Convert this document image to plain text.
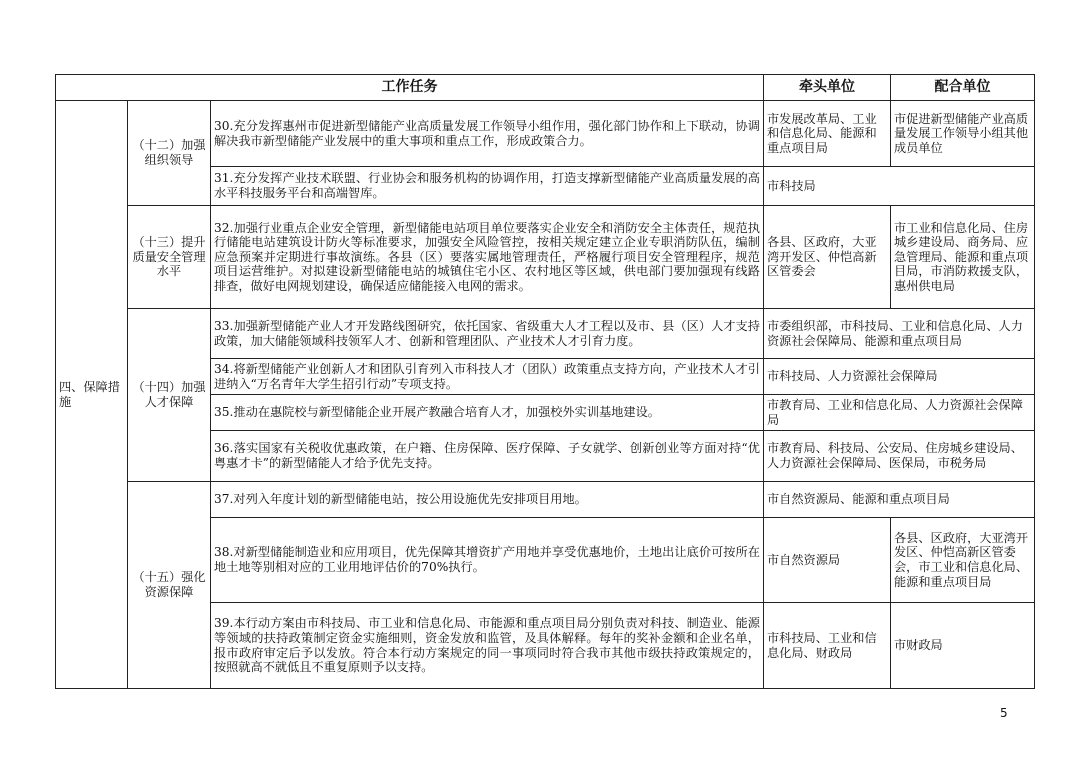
工作任务			牵头单位	配合单位
四、保障措施	（十二）加强组织领导	30.充分发挥惠州市促进新型储能产业高质量发展工作领导小组作用，强化部门协作和上下联动，协调解决我市新型储能产业发展中的重大事项和重点工作，形成政策合力。	市发展改革局、工业和信息化局、能源和重点项目局	市促进新型储能产业高质量发展工作领导小组其他成员单位
		31.充分发挥产业技术联盟、行业协会和服务机构的协调作用，打造支撑新型储能产业高质量发展的高水平科技服务平台和高端智库。	市科技局	
	（十三）提升质量安全管理水平	32.加强行业重点企业安全管理，新型储能电站项目单位要落实企业安全和消防安全主体责任，规范执行储能电站建筑设计防火等标准要求，加强安全风险管控，按相关规定建立企业专职消防队伍，编制应急预案并定期进行事故演练。各县（区）要落实属地管理责任，严格履行项目安全管理程序，规范项目运营维护。对拟建设新型储能电站的城镇住宅小区、农村地区等区域，供电部门要加强现有线路排查，做好电网规划建设，确保适应储能接入电网的需求。	各县、区政府，大亚湾开发区、仲恺高新区管委会	市工业和信息化局、住房城乡建设局、商务局、应急管理局、能源和重点项目局，市消防救援支队，惠州供电局
	（十四）加强人才保障	33.加强新型储能产业人才开发路线图研究，依托国家、省级重大人才工程以及市、县（区）人才支持政策，加大储能领域科技领军人才、创新和管理团队、产业技术人才引育力度。	市委组织部，市科技局、工业和信息化局、人力资源社会保障局、能源和重点项目局	
		34.将新型储能产业创新人才和团队引育列入市科技人才（团队）政策重点支持方向，产业技术人才引进纳入“万名青年大学生招引行动”专项支持。	市科技局、人力资源社会保障局	
		35.推动在惠院校与新型储能企业开展产教融合培育人才，加强校外实训基地建设。	市教育局、工业和信息化局、人力资源社会保障局	
		36.落实国家有关税收优惠政策，在户籍、住房保障、医疗保障、子女就学、创新创业等方面对持“优粤惠才卡”的新型储能人才给予优先支持。	市教育局、科技局、公安局、住房城乡建设局、人力资源社会保障局、医保局，市税务局	
	（十五）强化资源保障	37.对列入年度计划的新型储能电站，按公用设施优先安排项目用地。	市自然资源局、能源和重点项目局	
		38.对新型储能制造业和应用项目，优先保障其增资扩产用地并享受优惠地价，土地出让底价可按所在地土地等别相对应的工业用地评估价的70%执行。	市自然资源局	各县、区政府，大亚湾开发区、仲恺高新区管委会，市工业和信息化局、能源和重点项目局
		39.本行动方案由市科技局、市工业和信息化局、市能源和重点项目局分别负责对科技、制造业、能源等领域的扶持政策制定资金实施细则，资金发放和监管，及具体解释。每年的奖补金额和企业名单，报市政府审定后予以发放。符合本行动方案规定的同一事项同时符合我市其他市级扶持政策规定的，按照就高不就低且不重复原则予以支持。	市科技局、工业和信息化局、财政局	市财政局
5
